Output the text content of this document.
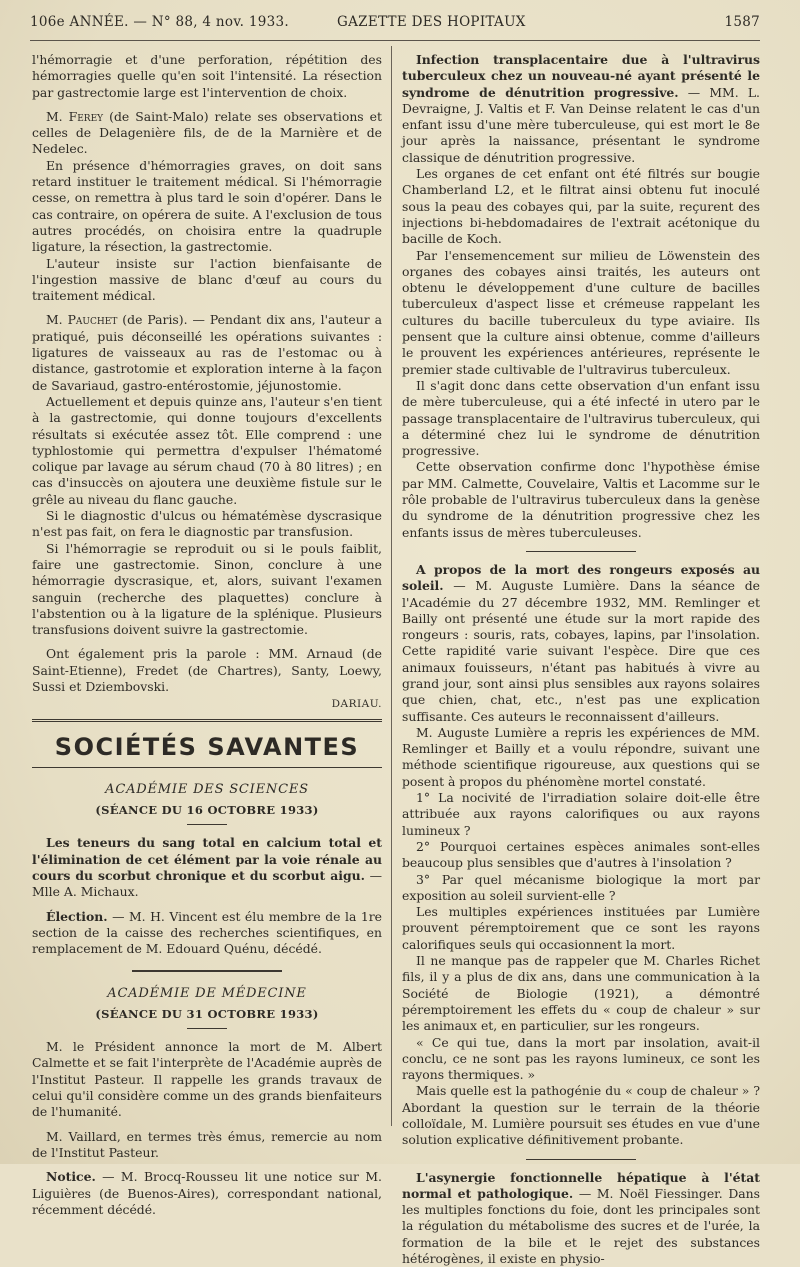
106e ANNÉE. — N° 88, 4 nov. 1933.	GAZETTE DES HOPITAUX	1587

l'hémorragie et d'une perforation, répétition des hémorragies quelle qu'en soit l'intensité. La résection par gastrectomie large est l'intervention de choix.

M. Ferey (de Saint-Malo) relate ses observations et celles de Delagenière fils, de de la Marnière et de Nedelec.

En présence d'hémorragies graves, on doit sans retard instituer le traitement médical. Si l'hémorragie cesse, on remettra à plus tard le soin d'opérer. Dans le cas contraire, on opérera de suite. A l'exclusion de tous autres procédés, on choisira entre la quadruple ligature, la résection, la gastrectomie.

L'auteur insiste sur l'action bienfaisante de l'ingestion massive de blanc d'œuf au cours du traitement médical.

M. Pauchet (de Paris). — Pendant dix ans, l'auteur a pratiqué, puis déconseillé les opérations suivantes : ligatures de vaisseaux au ras de l'estomac ou à distance, gastrotomie et exploration interne à la façon de Savariaud, gastro-entérostomie, jéjunostomie.

Actuellement et depuis quinze ans, l'auteur s'en tient à la gastrectomie, qui donne toujours d'excellents résultats si exécutée assez tôt. Elle comprend : une typhlostomie qui permettra d'expulser l'hématomé colique par lavage au sérum chaud (70 à 80 litres) ; en cas d'insuccès on ajoutera une deuxième fistule sur le grêle au niveau du flanc gauche.

Si le diagnostic d'ulcus ou hématémèse dyscrasique n'est pas fait, on fera le diagnostic par transfusion.

Si l'hémorragie se reproduit ou si le pouls faiblit, faire une gastrectomie. Sinon, conclure à une hémorragie dyscrasique, et, alors, suivant l'examen sanguin (recherche des plaquettes) conclure à l'abstention ou à la ligature de la splénique. Plusieurs transfusions doivent suivre la gastrectomie.

Ont également pris la parole : MM. Arnaud (de Saint-Etienne), Fredet (de Chartres), Santy, Loewy, Sussi et Dziembovski.

DARIAU.
SOCIÉTÉS SAVANTES
ACADÉMIE DES SCIENCES
(SÉANCE DU 16 OCTOBRE 1933)

Les teneurs du sang total en calcium total et l'élimination de cet élément par la voie rénale au cours du scorbut chronique et du scorbut aigu. — Mlle A. Michaux.

Élection. — M. H. Vincent est élu membre de la 1re section de la caisse des recherches scientifiques, en remplacement de M. Edouard Quénu, décédé.

ACADÉMIE DE MÉDECINE
(SÉANCE DU 31 OCTOBRE 1933)

M. le Président annonce la mort de M. Albert Calmette et se fait l'interprète de l'Académie auprès de l'Institut Pasteur. Il rappelle les grands travaux de celui qu'il considère comme un des grands bienfaiteurs de l'humanité.

M. Vaillard, en termes très émus, remercie au nom de l'Institut Pasteur.

Notice. — M. Brocq-Rousseu lit une notice sur M. Liguières (de Buenos-Aires), correspondant national, récemment décédé.

Infection transplacentaire due à l'ultravirus tuberculeux chez un nouveau-né ayant présenté le syndrome de dénutrition progressive. — MM. L. Devraigne, J. Valtis et F. Van Deinse relatent le cas d'un enfant issu d'une mère tuberculeuse, qui est mort le 8e jour après la naissance, présentant le syndrome classique de dénutrition progressive.

Les organes de cet enfant ont été filtrés sur bougie Chamberland L2, et le filtrat ainsi obtenu fut inoculé sous la peau des cobayes qui, par la suite, reçurent des injections bi-hebdomadaires de l'extrait acétonique du bacille de Koch.

Par l'ensemencement sur milieu de Löwenstein des organes des cobayes ainsi traités, les auteurs ont obtenu le développement d'une culture de bacilles tuberculeux d'aspect lisse et crémeuse rappelant les cultures du bacille tuberculeux du type aviaire. Ils pensent que la culture ainsi obtenue, comme d'ailleurs le prouvent les expériences antérieures, représente le premier stade cultivable de l'ultravirus tuberculeux.

Il s'agit donc dans cette observation d'un enfant issu de mère tuberculeuse, qui a été infecté in utero par le passage transplacentaire de l'ultravirus tuberculeux, qui a déterminé chez lui le syndrome de dénutrition progressive.

Cette observation confirme donc l'hypothèse émise par MM. Calmette, Couvelaire, Valtis et Lacomme sur le rôle probable de l'ultravirus tuberculeux dans la genèse du syndrome de la dénutrition progressive chez les enfants issus de mères tuberculeuses.

A propos de la mort des rongeurs exposés au soleil. — M. Auguste Lumière. Dans la séance de l'Académie du 27 décembre 1932, MM. Remlinger et Bailly ont présenté une étude sur la mort rapide des rongeurs : souris, rats, cobayes, lapins, par l'insolation. Cette rapidité varie suivant l'espèce. Dire que ces animaux fouisseurs, n'étant pas habitués à vivre au grand jour, sont ainsi plus sensibles aux rayons solaires que chien, chat, etc., n'est pas une explication suffisante. Ces auteurs le reconnaissent d'ailleurs.

M. Auguste Lumière a repris les expériences de MM. Remlinger et Bailly et a voulu répondre, suivant une méthode scientifique rigoureuse, aux questions qui se posent à propos du phénomène mortel constaté.

1° La nocivité de l'irradiation solaire doit-elle être attribuée aux rayons calorifiques ou aux rayons lumineux ?

2° Pourquoi certaines espèces animales sont-elles beaucoup plus sensibles que d'autres à l'insolation ?

3° Par quel mécanisme biologique la mort par exposition au soleil survient-elle ?

Les multiples expériences instituées par Lumière prouvent péremptoirement que ce sont les rayons calorifiques seuls qui occasionnent la mort.

Il ne manque pas de rappeler que M. Charles Richet fils, il y a plus de dix ans, dans une communication à la Société de Biologie (1921), a démontré péremptoirement les effets du « coup de chaleur » sur les animaux et, en particulier, sur les rongeurs.

« Ce qui tue, dans la mort par insolation, avait-il conclu, ce ne sont pas les rayons lumineux, ce sont les rayons thermiques. »

Mais quelle est la pathogénie du « coup de chaleur » ? Abordant la question sur le terrain de la théorie colloïdale, M. Lumière poursuit ses études en vue d'une solution explicative définitivement probante.

L'asynergie fonctionnelle hépatique à l'état normal et pathologique. — M. Noël Fiessinger. Dans les multiples fonctions du foie, dont les principales sont la régulation du métabolisme des sucres et de l'urée, la formation de la bile et le rejet des substances hétérogènes, il existe en physio-
